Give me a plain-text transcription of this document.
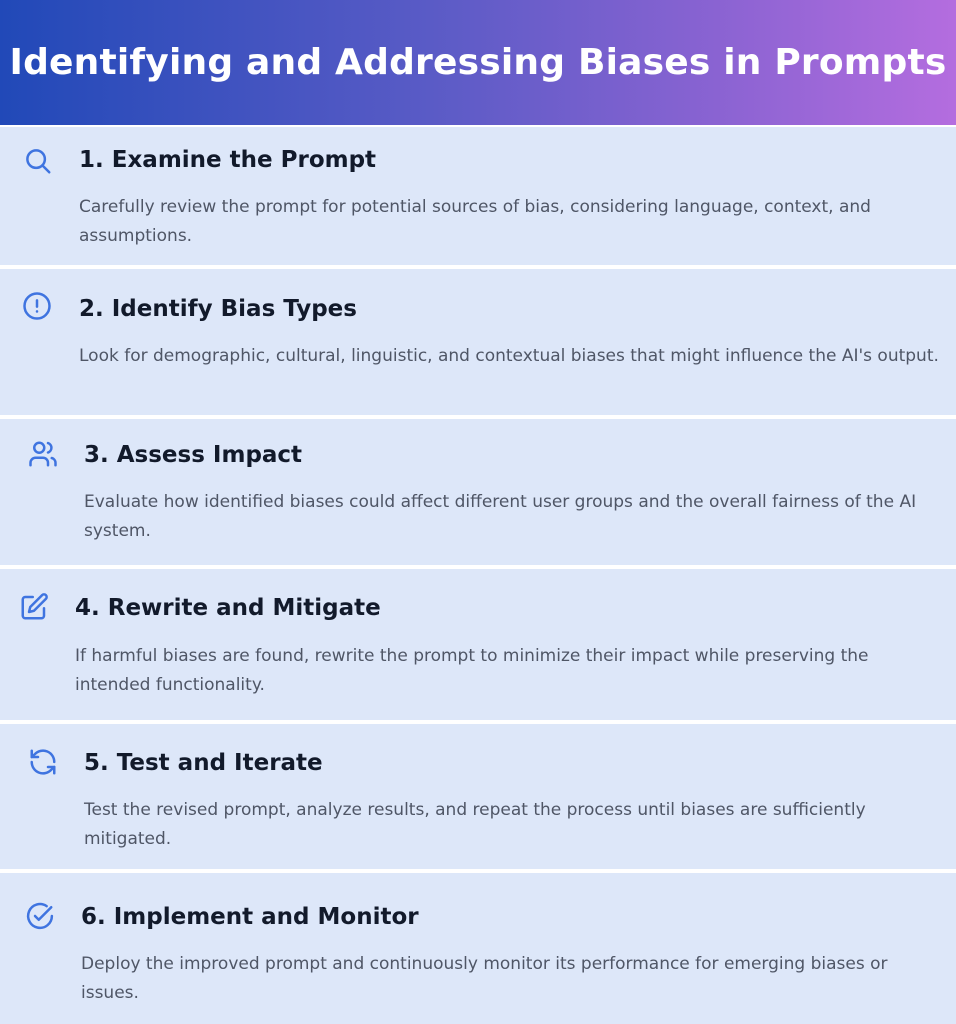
Identifying and Addressing Biases in Prompts
1. Examine the Prompt

Carefully review the prompt for potential sources of bias, considering language, context, and assumptions.

2. Identify Bias Types

Look for demographic, cultural, linguistic, and contextual biases that might influence the AI's output.

3. Assess Impact

Evaluate how identified biases could affect different user groups and the overall fairness of the AI system.

4. Rewrite and Mitigate

If harmful biases are found, rewrite the prompt to minimize their impact while preserving the intended functionality.

5. Test and Iterate

Test the revised prompt, analyze results, and repeat the process until biases are sufficiently mitigated.

6. Implement and Monitor

Deploy the improved prompt and continuously monitor its performance for emerging biases or issues.
